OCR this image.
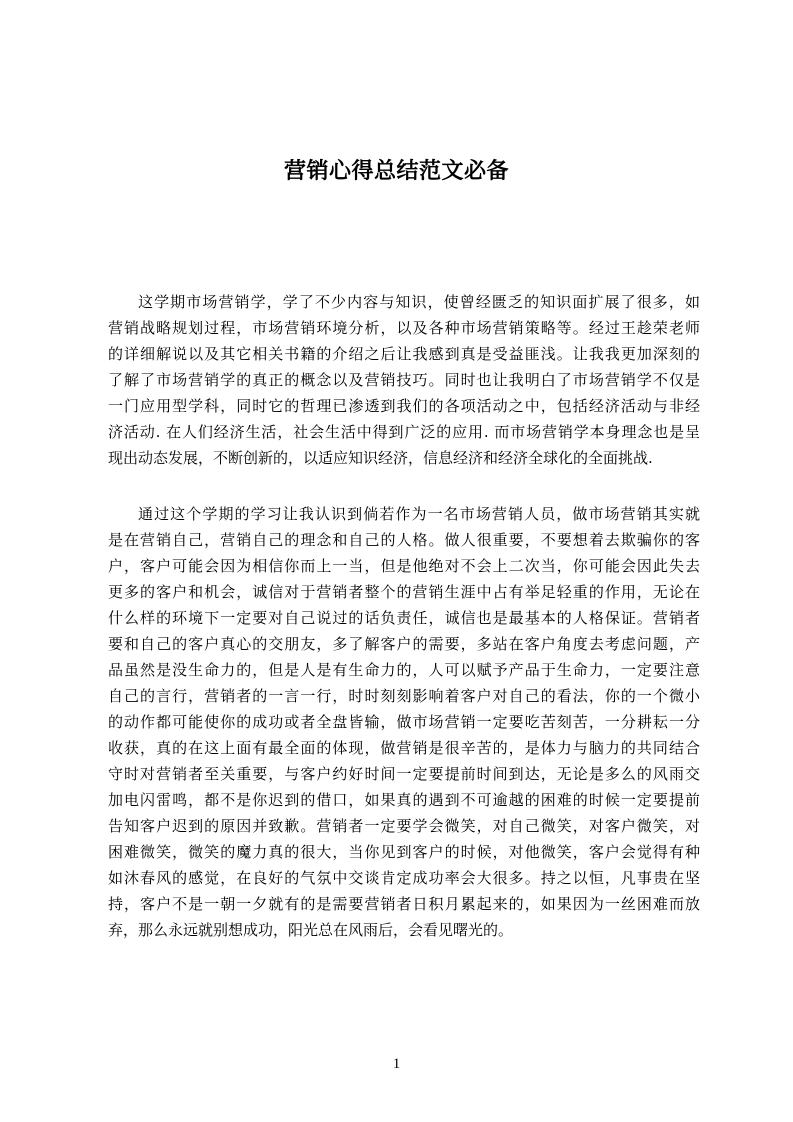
营销心得总结范文必备
这学期市场营销学，学了不少内容与知识，使曾经匮乏的知识面扩展了很多，如
营销战略规划过程，市场营销环境分析，以及各种市场营销策略等。经过王趁荣老师
的详细解说以及其它相关书籍的介绍之后让我感到真是受益匪浅。让我我更加深刻的
了解了市场营销学的真正的概念以及营销技巧。同时也让我明白了市场营销学不仅是
一门应用型学科，同时它的哲理已渗透到我们的各项活动之中，包括经济活动与非经
济活动. 在人们经济生活，社会生活中得到广泛的应用. 而市场营销学本身理念也是呈
现出动态发展，不断创新的，以适应知识经济，信息经济和经济全球化的全面挑战.
通过这个学期的学习让我认识到倘若作为一名市场营销人员，做市场营销其实就
是在营销自己，营销自己的理念和自己的人格。做人很重要，不要想着去欺骗你的客
户，客户可能会因为相信你而上一当，但是他绝对不会上二次当，你可能会因此失去
更多的客户和机会，诚信对于营销者整个的营销生涯中占有举足轻重的作用，无论在
什么样的环境下一定要对自己说过的话负责任，诚信也是最基本的人格保证。营销者
要和自己的客户真心的交朋友，多了解客户的需要，多站在客户角度去考虑问题，产
品虽然是没生命力的，但是人是有生命力的，人可以赋予产品于生命力，一定要注意
自己的言行，营销者的一言一行，时时刻刻影响着客户对自己的看法，你的一个微小
的动作都可能使你的成功或者全盘皆输，做市场营销一定要吃苦刻苦，一分耕耘一分
收获，真的在这上面有最全面的体现，做营销是很辛苦的，是体力与脑力的共同结合
守时对营销者至关重要，与客户约好时间一定要提前时间到达，无论是多么的风雨交
加电闪雷鸣，都不是你迟到的借口，如果真的遇到不可逾越的困难的时候一定要提前
告知客户迟到的原因并致歉。营销者一定要学会微笑，对自己微笑，对客户微笑，对
困难微笑，微笑的魔力真的很大，当你见到客户的时候，对他微笑，客户会觉得有种
如沐春风的感觉，在良好的气氛中交谈肯定成功率会大很多。持之以恒，凡事贵在坚
持，客户不是一朝一夕就有的是需要营销者日积月累起来的，如果因为一丝困难而放
弃，那么永远就别想成功，阳光总在风雨后，会看见曙光的。
1
